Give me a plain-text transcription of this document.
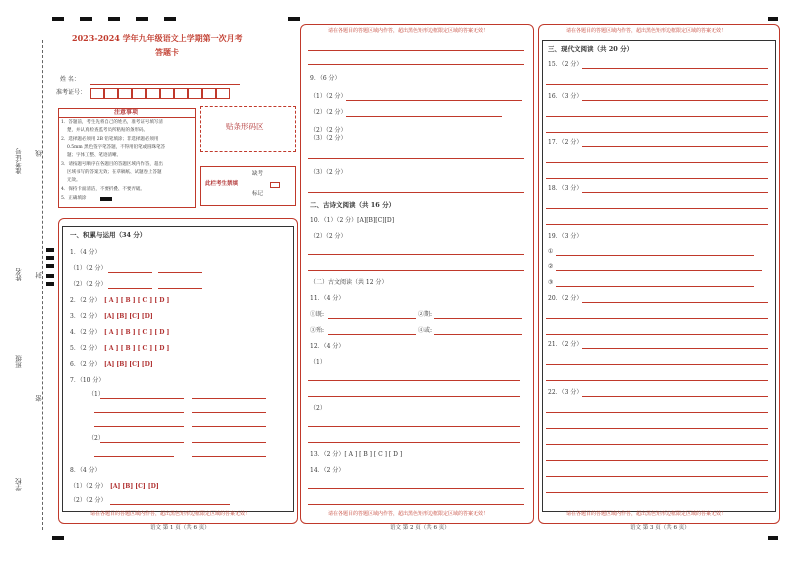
准考证号 线
姓名 封
班级
密
学校
2023-2024 学年九年级语文上学期第一次月考
答题卡
姓 名：
准考证号：
注意事项
1．答题前，考生先将自己的姓名，准考证号填写清
楚，并认真检查监考员所粘贴的条形码。
2．选择题必须用 2B 铅笔填涂；非选择题必须用
0.5mm 黑色签字笔答题，不得用铅笔或圆珠笔答
题；字体工整、笔迹清晰。
3．请按题号顺序在各题目的答题区域内作答，超出
区域书写的答案无效；在草稿纸、试题卷上答题
无效。
4．保持卡面清洁，不要折叠、不要弄破。
5．正确填涂
贴条形码区
此栏考生禁填
缺考
标记
一、积累与运用（34 分）
1．（4 分）
（1）（2 分）
（2）（2 分）
2．（2 分） [ A ] [ B ] [ C ] [ D ]
3．（2 分） [A] [B] [C] [D]
4．（2 分） [ A ] [ B ] [ C ] [ D ]
5．（2 分） [ A ] [ B ] [ C ] [ D ]
6．（2 分） [A] [B] [C] [D]
7．（10 分）
（1）
（2）
8．（4 分）
（1）（2 分） [A] [B] [C] [D]
（2）（2 分）
请在各题目的答题区域内作答，超出黑色矩形边框限定区域的答案无效！
语文 第 1 页（共 6 页）
请在各题目的答题区域内作答，超出黑色矩形边框限定区域的答案无效！
9．（6 分）
（1）（2 分）
（2）（2 分）
（2）（2 分）
（3）（2 分）
（3）（2 分）
二、古诗文阅读（共 16 分）
10．（1）（2 分）[A][B][C][D]
（2）（2 分）
（二）古文阅读（共 12 分）
11．（4 分）
①既:	②期:
③殆:	④或:
12．（4 分）
（1）
（2）
13．（2 分）[ A ] [ B ] [ C ] [ D ]
14．（2 分）
请在各题目的答题区域内作答，超出黑色矩形边框限定区域的答案无效！
语文 第 2 页（共 6 页）
请在各题目的答题区域内作答，超出黑色矩形边框限定区域的答案无效！
三、现代文阅读（共 20 分）
15．（2 分）
16．（3 分）
17．（2 分）
18．（3 分）
19．（3 分）
①
②
③
20．（2 分）
21．（2 分）
22．（3 分）
请在各题目的答题区域内作答，超出黑色矩形边框限定区域的答案无效！
语文 第 3 页（共 6 页）
